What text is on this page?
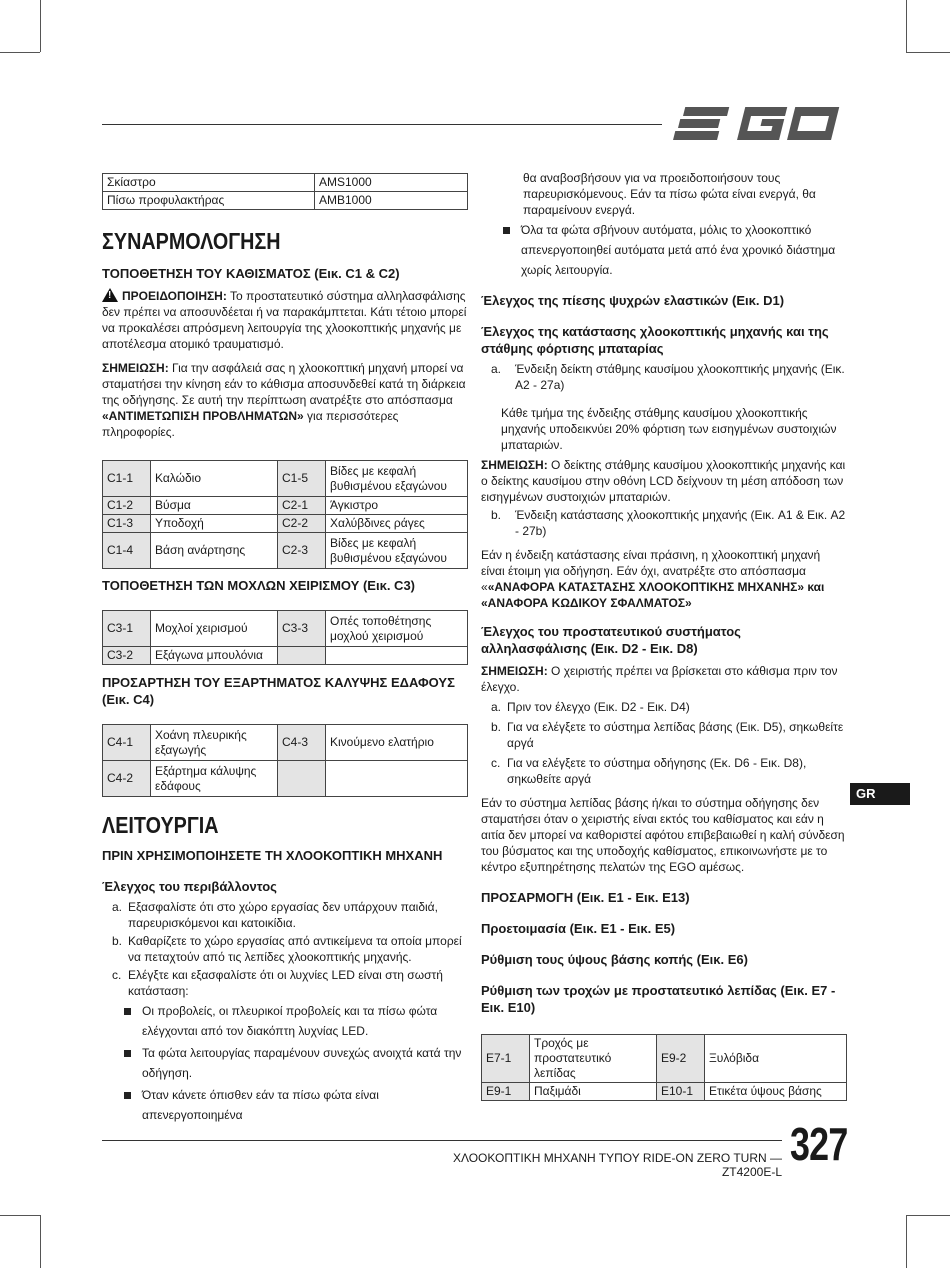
Σκίαστρο	AMS1000
Πίσω προφυλακτήρας	AMB1000
ΣΥΝΑΡΜΟΛΟΓΗΣΗ
ΤΟΠΟΘΕΤΗΣΗ ΤΟΥ ΚΑΘΙΣΜΑΤΟΣ (Εικ. C1 & C2)

! ΠΡΟΕΙΔΟΠΟΙΗΣΗ: Το προστατευτικό σύστημα αλληλασφάλισης δεν πρέπει να αποσυνδέεται ή να παρακάμπτεται. Κάτι τέτοιο μπορεί να προκαλέσει απρόσμενη λειτουργία της χλοοκοπτικής μηχανής με αποτέλεσμα ατομικό τραυματισμό.

ΣΗΜΕΙΩΣΗ: Για την ασφάλειά σας η χλοοκοπτική μηχανή μπορεί να σταματήσει την κίνηση εάν το κάθισμα αποσυνδεθεί κατά τη διάρκεια της οδήγησης. Σε αυτή την περίπτωση ανατρέξτε στο απόσπασμα «ΑΝΤΙΜΕΤΩΠΙΣΗ ΠΡΟΒΛΗΜΑΤΩΝ» για περισσότερες πληροφορίες.

C1-1	Καλώδιο	C1-5	Βίδες με κεφαλή βυθισμένου εξαγώνου
C1-2	Βύσμα	C2-1	Άγκιστρο
C1-3	Υποδοχή	C2-2	Χαλύβδινες ράγες
C1-4	Βάση ανάρτησης	C2-3	Βίδες με κεφαλή βυθισμένου εξαγώνου
ΤΟΠΟΘΕΤΗΣΗ ΤΩΝ ΜΟΧΛΩΝ ΧΕΙΡΙΣΜΟΥ (Εικ. C3)
C3-1	Μοχλοί χειρισμού	C3-3	Οπές τοποθέτησης μοχλού χειρισμού
C3-2	Εξάγωνα μπουλόνια		
ΠΡΟΣΑΡΤΗΣΗ ΤΟΥ ΕΞΑΡΤΗΜΑΤΟΣ ΚΑΛΥΨΗΣ ΕΔΑΦΟΥΣ (Εικ. C4)
C4-1	Χοάνη πλευρικής εξαγωγής	C4-3	Κινούμενο ελατήριο
C4-2	Εξάρτημα κάλυψης εδάφους		
ΛΕΙΤΟΥΡΓΙΑ
ΠΡΙΝ ΧΡΗΣΙΜΟΠΟΙΗΣΕΤΕ ΤΗ ΧΛΟΟΚΟΠΤΙΚΗ ΜΗΧΑΝΗ
Έλεγχος του περιβάλλοντος
a. Εξασφαλίστε ότι στο χώρο εργασίας δεν υπάρχουν παιδιά, παρευρισκόμενοι και κατοικίδια.
b. Καθαρίζετε το χώρο εργασίας από αντικείμενα τα οποία μπορεί να πεταχτούν από τις λεπίδες χλοοκοπτικής μηχανής.
c. Ελέγξτε και εξασφαλίστε ότι οι λυχνίες LED είναι στη σωστή κατάσταση:
Οι προβολείς, οι πλευρικοί προβολείς και τα πίσω φώτα ελέγχονται από τον διακόπτη λυχνίας LED.
Τα φώτα λειτουργίας παραμένουν συνεχώς ανοιχτά κατά την οδήγηση.
Όταν κάνετε όπισθεν εάν τα πίσω φώτα είναι απενεργοποιημένα
θα αναβοσβήσουν για να προειδοποιήσουν τους παρευρισκόμενους. Εάν τα πίσω φώτα είναι ενεργά, θα παραμείνουν ενεργά.
Όλα τα φώτα σβήνουν αυτόματα, μόλις το χλοοκοπτικό απενεργοποιηθεί αυτόματα μετά από ένα χρονικό διάστημα χωρίς λειτουργία.
Έλεγχος της πίεσης ψυχρών ελαστικών (Εικ. D1)
Έλεγχος της κατάστασης χλοοκοπτικής μηχανής και της στάθμης φόρτισης μπαταρίας
a.	Ένδειξη δείκτη στάθμης καυσίμου χλοοκοπτικής μηχανής (Εικ. A2 - 27a)

Κάθε τμήμα της ένδειξης στάθμης καυσίμου χλοοκοπτικής μηχανής υποδεικνύει 20% φόρτιση των εισηγμένων συστοιχιών μπαταριών.

ΣΗΜΕΙΩΣΗ: Ο δείκτης στάθμης καυσίμου χλοοκοπτικής μηχανής και ο δείκτης καυσίμου στην οθόνη LCD δείχνουν τη μέση απόδοση των εισηγμένων συστοιχιών μπαταριών.

b.	Ένδειξη κατάστασης χλοοκοπτικής μηχανής (Εικ. A1 & Εικ. A2 - 27b)

Εάν η ένδειξη κατάστασης είναι πράσινη, η χλοοκοπτική μηχανή είναι έτοιμη για οδήγηση. Εάν όχι, ανατρέξτε στο απόσπασμα ««ΑΝΑΦΟΡΑ ΚΑΤΑΣΤΑΣΗΣ ΧΛΟΟΚΟΠΤΙΚΗΣ ΜΗΧΑΝΗΣ» και «ΑΝΑΦΟΡΑ ΚΩΔΙΚΟΥ ΣΦΑΛΜΑΤΟΣ»

Έλεγχος του προστατευτικού συστήματος αλληλασφάλισης (Εικ. D2 - Εικ. D8)

ΣΗΜΕΙΩΣΗ: Ο χειριστής πρέπει να βρίσκεται στο κάθισμα πριν τον έλεγχο.

a. Πριν τον έλεγχο (Εικ. D2 - Εικ. D4)
b. Για να ελέγξετε το σύστημα λεπίδας βάσης (Εικ. D5), σηκωθείτε αργά
c. Για να ελέγξετε το σύστημα οδήγησης (Εκ. D6 - Εικ. D8), σηκωθείτε αργά

Εάν το σύστημα λεπίδας βάσης ή/και το σύστημα οδήγησης δεν σταματήσει όταν ο χειριστής είναι εκτός του καθίσματος και εάν η αιτία δεν μπορεί να καθοριστεί αφότου επιβεβαιωθεί η καλή σύνδεση του βύσματος και της υποδοχής καθίσματος, επικοινωνήστε με το κέντρο εξυπηρέτησης πελατών της EGO αμέσως.

ΠΡΟΣΑΡΜΟΓΗ (Εικ. E1 - Εικ. E13)
Προετοιμασία (Εικ. E1 - Εικ. E5)
Ρύθμιση τους ύψους βάσης κοπής (Εικ. E6)
Ρύθμιση των τροχών με προστατευτικό λεπίδας (Εικ. E7 - Εικ. E10)
E7-1	Τροχός με προστατευτικό λεπίδας	E9-2	Ξυλόβιδα
E9-1	Παξιμάδι	E10-1	Ετικέτα ύψους βάσης
GR
ΧΛΟΟΚΟΠΤΙΚΗ ΜΗΧΑΝΗ ΤΥΠΟΥ RIDE-ON ZERO TURN — ZT4200E-L
327
